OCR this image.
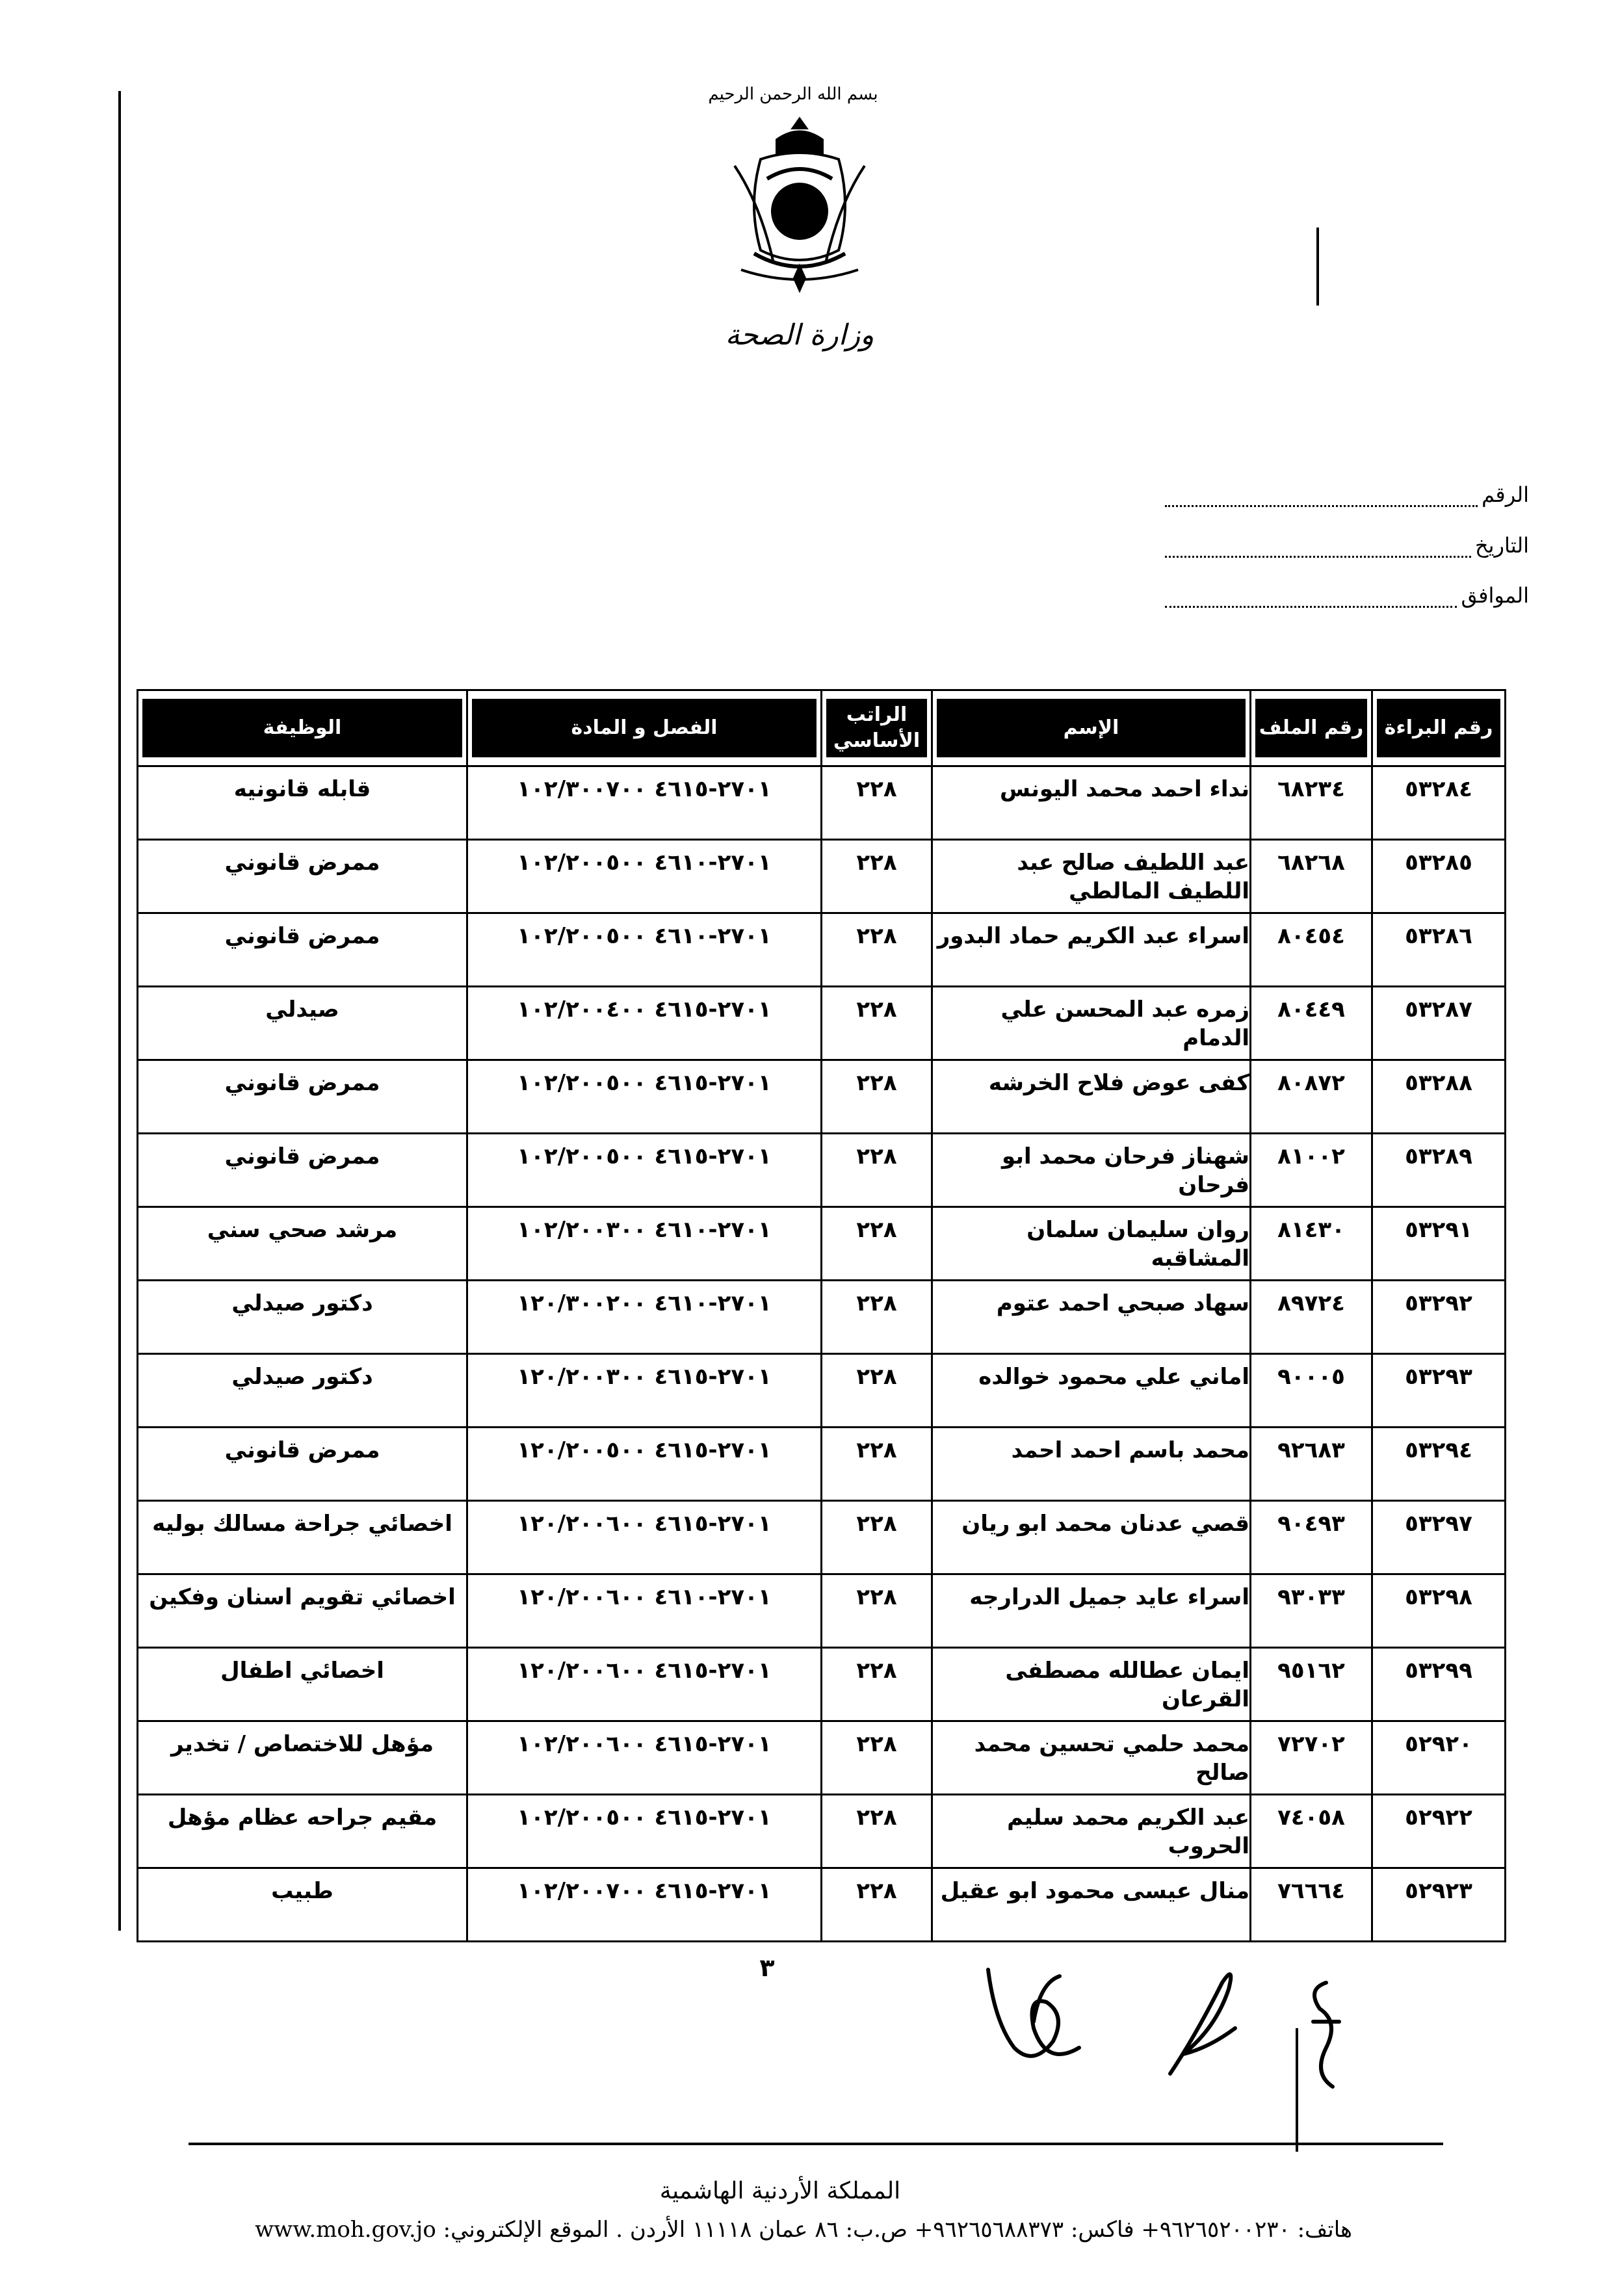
بسم الله الرحمن الرحيم
وزارة الصحة
الرقم
التاريخ
الموافق
رقم البراءة	رقم الملف	الإسم	الراتب الأساسي	الفصل و المادة	الوظيفة

٥٣٢٨٤	٦٨٢٣٤	نداء احمد محمد اليونس	٢٢٨	٢٧٠١-٤٦١٥ ١٠٢/٣٠٠٧٠٠	قابله قانونيه
٥٣٢٨٥	٦٨٢٦٨	عبد اللطيف صالح عبد اللطيف المالطي	٢٢٨	٢٧٠١-٤٦١٠ ١٠٢/٢٠٠٥٠٠	ممرض قانوني
٥٣٢٨٦	٨٠٤٥٤	اسراء عبد الكريم حماد البدور	٢٢٨	٢٧٠١-٤٦١٠ ١٠٢/٢٠٠٥٠٠	ممرض قانوني
٥٣٢٨٧	٨٠٤٤٩	زمره عبد المحسن علي الدمام	٢٢٨	٢٧٠١-٤٦١٥ ١٠٢/٢٠٠٤٠٠	صيدلي
٥٣٢٨٨	٨٠٨٧٢	كفى عوض فلاح الخرشه	٢٢٨	٢٧٠١-٤٦١٥ ١٠٢/٢٠٠٥٠٠	ممرض قانوني
٥٣٢٨٩	٨١٠٠٢	شهناز فرحان محمد ابو فرحان	٢٢٨	٢٧٠١-٤٦١٥ ١٠٢/٢٠٠٥٠٠	ممرض قانوني
٥٣٢٩١	٨١٤٣٠	روان سليمان سلمان المشاقبه	٢٢٨	٢٧٠١-٤٦١٠ ١٠٢/٢٠٠٣٠٠	مرشد صحي سني
٥٣٢٩٢	٨٩٧٢٤	سهاد صبحي احمد عتوم	٢٢٨	٢٧٠١-٤٦١٠ ١٢٠/٣٠٠٢٠٠	دكتور صيدلي
٥٣٢٩٣	٩٠٠٠٥	اماني علي محمود خوالده	٢٢٨	٢٧٠١-٤٦١٥ ١٢٠/٢٠٠٣٠٠	دكتور صيدلي
٥٣٢٩٤	٩٢٦٨٣	محمد باسم احمد احمد	٢٢٨	٢٧٠١-٤٦١٥ ١٢٠/٢٠٠٥٠٠	ممرض قانوني
٥٣٢٩٧	٩٠٤٩٣	قصي عدنان محمد ابو ريان	٢٢٨	٢٧٠١-٤٦١٥ ١٢٠/٢٠٠٦٠٠	اخصائي جراحة مسالك بوليه
٥٣٢٩٨	٩٣٠٣٣	اسراء عايد جميل الدرارجه	٢٢٨	٢٧٠١-٤٦١٠ ١٢٠/٢٠٠٦٠٠	اخصائي تقويم اسنان وفكين
٥٣٢٩٩	٩٥١٦٢	ايمان عطالله مصطفى القرعان	٢٢٨	٢٧٠١-٤٦١٥ ١٢٠/٢٠٠٦٠٠	اخصائي اطفال
٥٢٩٢٠	٧٢٧٠٢	محمد حلمي تحسين محمد صالح	٢٢٨	٢٧٠١-٤٦١٥ ١٠٢/٢٠٠٦٠٠	مؤهل للاختصاص / تخدير
٥٢٩٢٢	٧٤٠٥٨	عبد الكريم محمد سليم الحروب	٢٢٨	٢٧٠١-٤٦١٥ ١٠٢/٢٠٠٥٠٠	مقيم جراحه عظام مؤهل
٥٢٩٢٣	٧٦٦٦٤	منال عيسى محمود ابو عقيل	٢٢٨	٢٧٠١-٤٦١٥ ١٠٢/٢٠٠٧٠٠	طبيب
٣
المملكة الأردنية الهاشمية
هاتف: ٩٦٢٦٥٢٠٠٢٣٠+ فاكس: ٩٦٢٦٥٦٨٨٣٧٣+ ص.ب: ٨٦ عمان ١١١١٨ الأردن . الموقع الإلكتروني: www.moh.gov.jo
